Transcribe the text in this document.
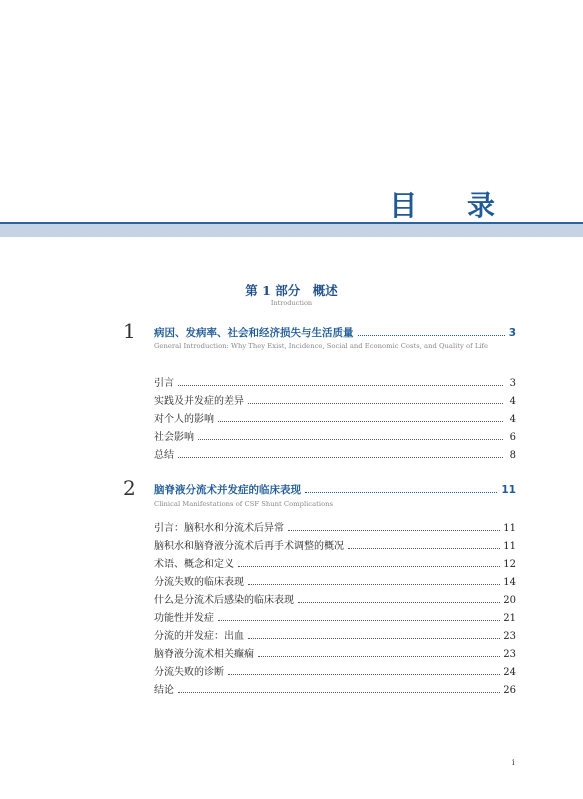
目 录
第 1 部分　概述
Introduction
1 病因、发病率、社会和经济损失与生活质量	3
General Introduction: Why They Exist, Incidence, Social and Economic Costs, and Quality of Life
引言	3
实践及并发症的差异	4
对个人的影响	4
社会影响	6
总结	8
2 脑脊液分流术并发症的临床表现	11
Clinical Manifestations of CSF Shunt Complications
引言：脑积水和分流术后异常	11
脑积水和脑脊液分流术后再手术调整的概况	11
术语、概念和定义	12
分流失败的临床表现	14
什么是分流术后感染的临床表现	20
功能性并发症	21
分流的并发症：出血	23
脑脊液分流术相关癫痫	23
分流失败的诊断	24
结论	26
i
